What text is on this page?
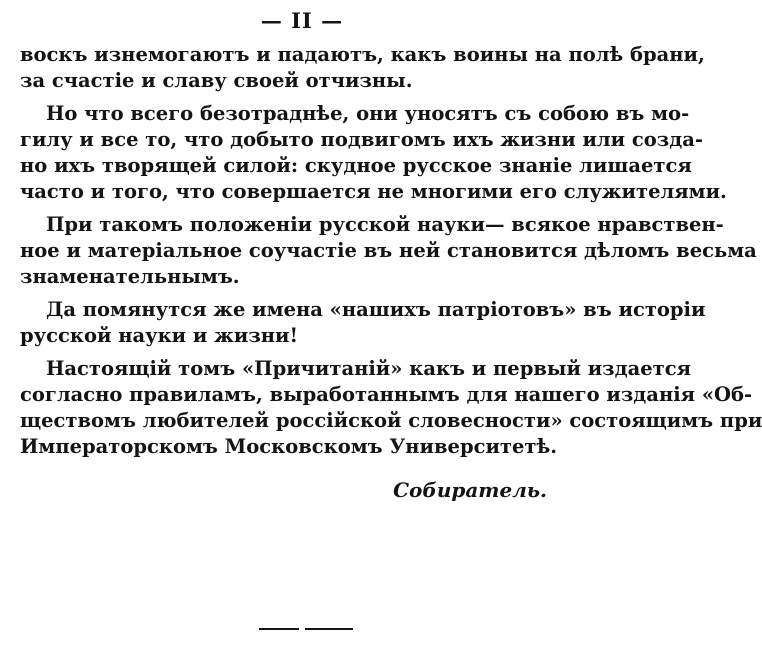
— II —
воскъ изнемогаютъ и падаютъ, какъ воины на полѣ брани,
за счастіе и славу своей отчизны.
Но что всего безотраднѣе, они уносятъ съ собою въ мо-
гилу и все то, что добыто подвигомъ ихъ жизни или созда-
но ихъ творящей силой: скудное русское знаніе лишается
часто и того, что совершается не многими его служителями.
При такомъ положеніи русской науки— всякое нравствен-
ное и матеріальное соучастіе въ ней становится дѣломъ весьма
знаменательнымъ.
Да помянутся же имена «нашихъ патріотовъ» въ исторіи
русской науки и жизни!
Настоящій томъ «Причитаній» какъ и первый издается
согласно правиламъ, выработаннымъ для нашего изданія «Об-
ществомъ любителей россійской словесности» состоящимъ при
Императорскомъ Московскомъ Университетѣ.
Собиратель.
